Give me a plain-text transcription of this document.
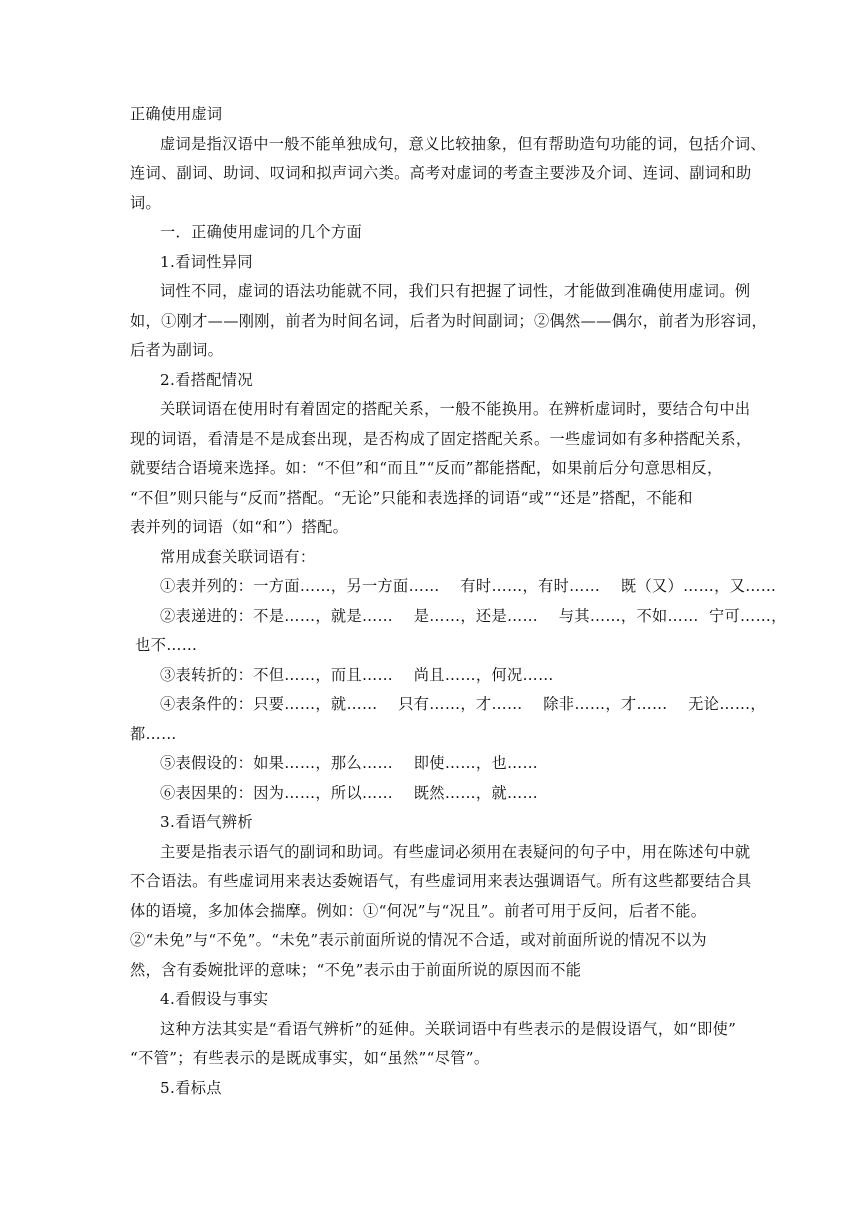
正确使用虚词
虚词是指汉语中一般不能单独成句，意义比较抽象，但有帮助造句功能的词，包括介词、
连词、副词、助词、叹词和拟声词六类。高考对虚词的考查主要涉及介词、连词、副词和助
词。
一．正确使用虚词的几个方面
1.看词性异同
词性不同，虚词的语法功能就不同，我们只有把握了词性，才能做到准确使用虚词。例
如，①刚才——刚刚，前者为时间名词，后者为时间副词；②偶然——偶尔，前者为形容词，
后者为副词。
2.看搭配情况
关联词语在使用时有着固定的搭配关系，一般不能换用。在辨析虚词时，要结合句中出
现的词语，看清是不是成套出现，是否构成了固定搭配关系。一些虚词如有多种搭配关系，
就要结合语境来选择。如：“不但”和“而且”“反而”都能搭配，如果前后分句意思相反，
“不但”则只能与“反而”搭配。“无论”只能和表选择的词语“或”“还是”搭配，不能和
表并列的词语（如“和”）搭配。
常用成套关联词语有：
①表并列的：一方面……，另一方面……    有时……，有时……    既（又）……，又……
②表递进的：不是……，就是……    是……，还是……    与其……，不如……  宁可……，
也不……
③表转折的：不但……，而且……    尚且……，何况……
④表条件的：只要……，就……    只有……，才……    除非……，才……    无论……，
都……
⑤表假设的：如果……，那么……    即使……，也……
⑥表因果的：因为……，所以……    既然……，就……
3.看语气辨析
主要是指表示语气的副词和助词。有些虚词必须用在表疑问的句子中，用在陈述句中就
不合语法。有些虚词用来表达委婉语气，有些虚词用来表达强调语气。所有这些都要结合具
体的语境，多加体会揣摩。例如：①“何况”与“况且”。前者可用于反问，后者不能。
②“未免”与“不免”。“未免”表示前面所说的情况不合适，或对前面所说的情况不以为
然，含有委婉批评的意味；“不免”表示由于前面所说的原因而不能
4.看假设与事实
这种方法其实是“看语气辨析”的延伸。关联词语中有些表示的是假设语气，如“即使”
“不管”；有些表示的是既成事实，如“虽然”“尽管”。
5.看标点
